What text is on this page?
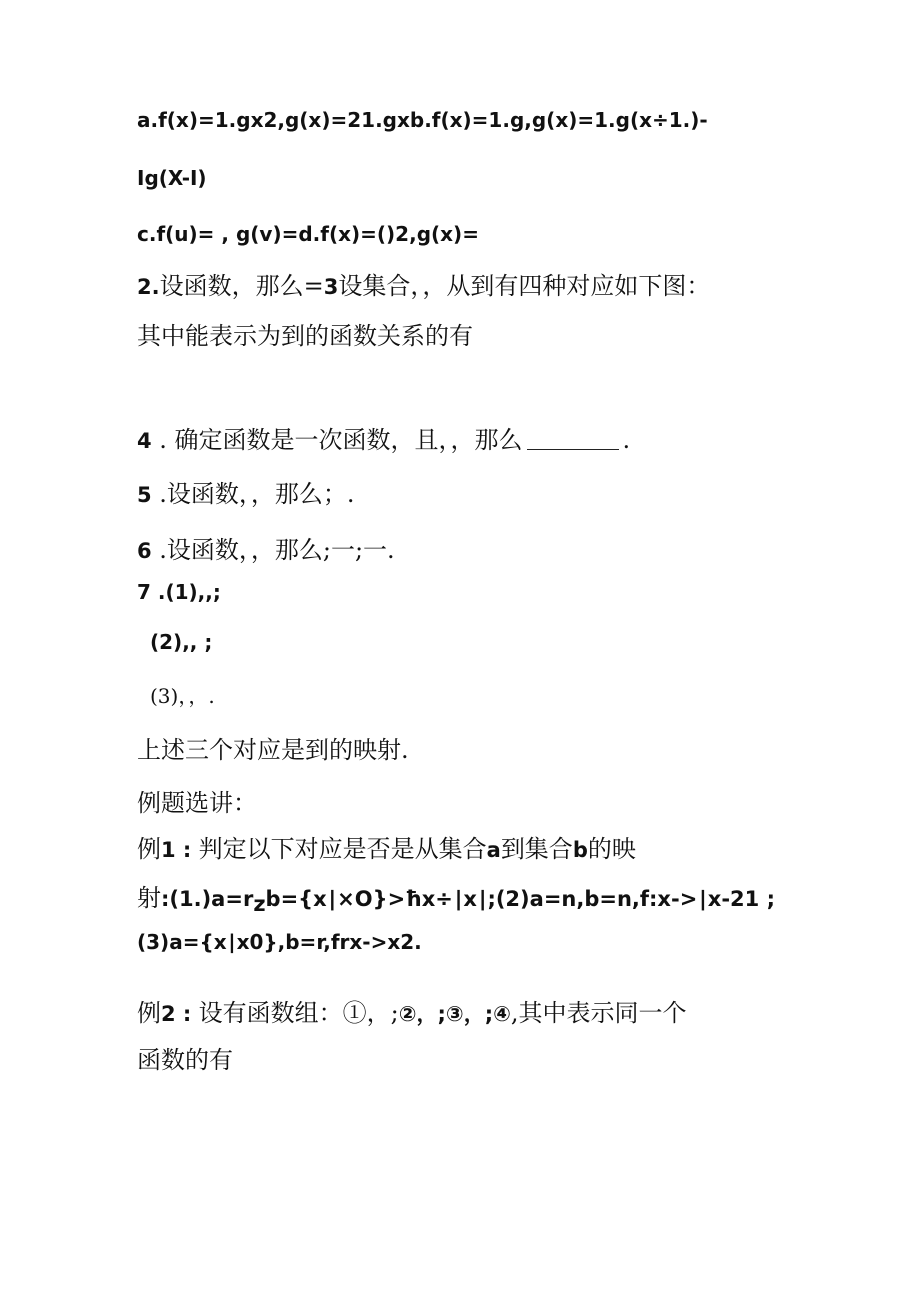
a.f(x)=1.gx2,g(x)=21.gxb.f(x)=1.g,g(x)=1.g(x÷1.)-
Ig(X-I)
c.f(u)= , g(v)=d.f(x)=()2,g(x)=
2.设函数，那么=3设集合，，从到有四种对应如下图：
其中能表示为到的函数关系的有
4 . 确定函数是一次函数，且，，那么	.
5 .设函数，，那么；.
6 .设函数，，那么;一;一.
7 .(1),,;
(2),, ;
(3)，，.
上述三个对应是到的映射.
例题选讲：
例1 : 判定以下对应是否是从集合a到集合b的映
射:(1.)a=rzb={x∣×O}>ħx÷∣x∣;(2)a=n,b=n,f:x->∣x-21 ;
(3)a={x∣x0},b=r,frx->x2.
例2 : 设有函数组：①，;②，;③，;④,其中表示同一个
函数的有
